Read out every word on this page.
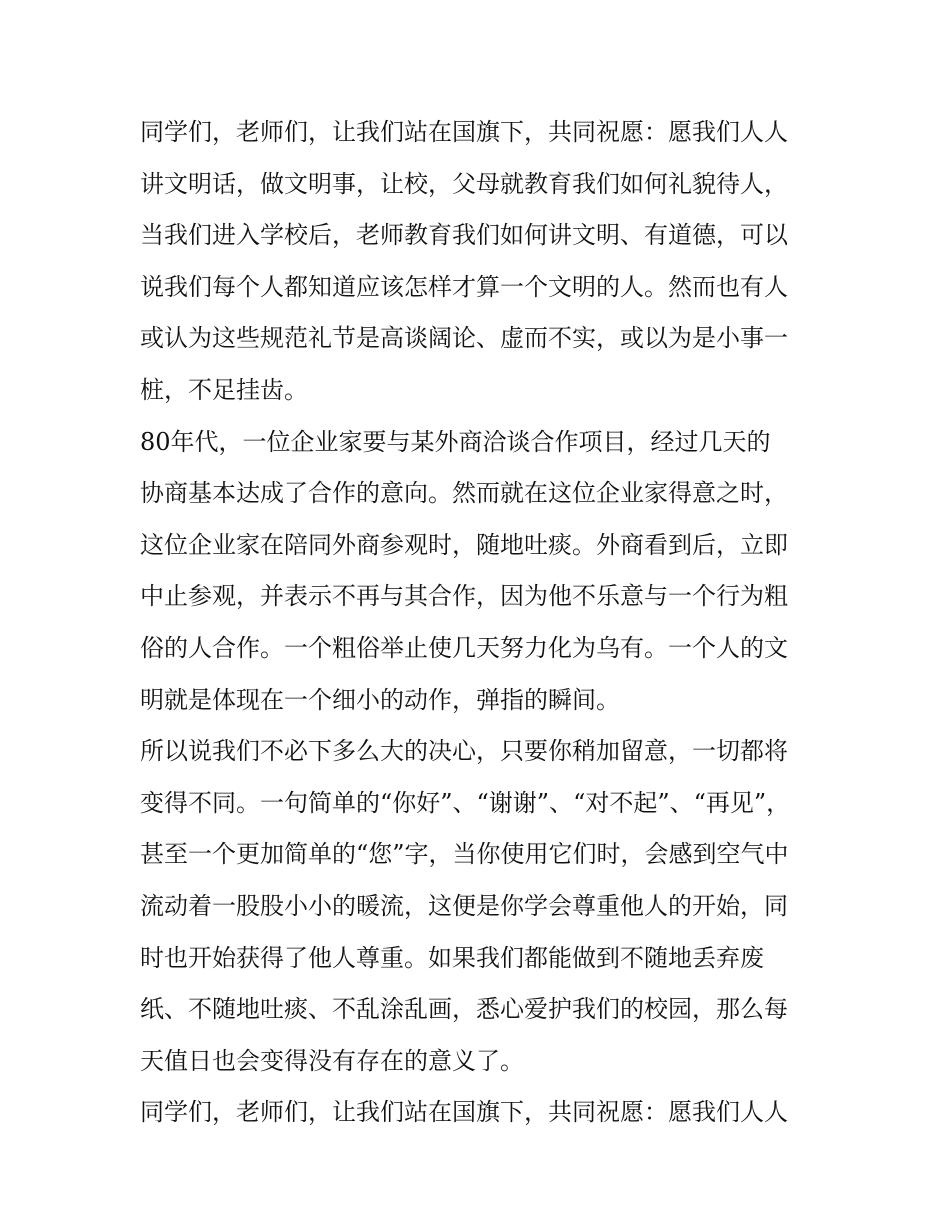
同学们，老师们，让我们站在国旗下，共同祝愿：愿我们人人
讲文明话，做文明事，让校，父母就教育我们如何礼貌待人，
当我们进入学校后，老师教育我们如何讲文明、有道德，可以
说我们每个人都知道应该怎样才算一个文明的人。然而也有人
或认为这些规范礼节是高谈阔论、虚而不实，或以为是小事一
桩，不足挂齿。
80年代，一位企业家要与某外商洽谈合作项目，经过几天的
协商基本达成了合作的意向。然而就在这位企业家得意之时，
这位企业家在陪同外商参观时，随地吐痰。外商看到后，立即
中止参观，并表示不再与其合作，因为他不乐意与一个行为粗
俗的人合作。一个粗俗举止使几天努力化为乌有。一个人的文
明就是体现在一个细小的动作，弹指的瞬间。
所以说我们不必下多么大的决心，只要你稍加留意，一切都将
变得不同。一句简单的“你好”、“谢谢”、“对不起”、“再见”，
甚至一个更加简单的“您”字，当你使用它们时，会感到空气中
流动着一股股小小的暖流，这便是你学会尊重他人的开始，同
时也开始获得了他人尊重。如果我们都能做到不随地丢弃废
纸、不随地吐痰、不乱涂乱画，悉心爱护我们的校园，那么每
天值日也会变得没有存在的意义了。
同学们，老师们，让我们站在国旗下，共同祝愿：愿我们人人
